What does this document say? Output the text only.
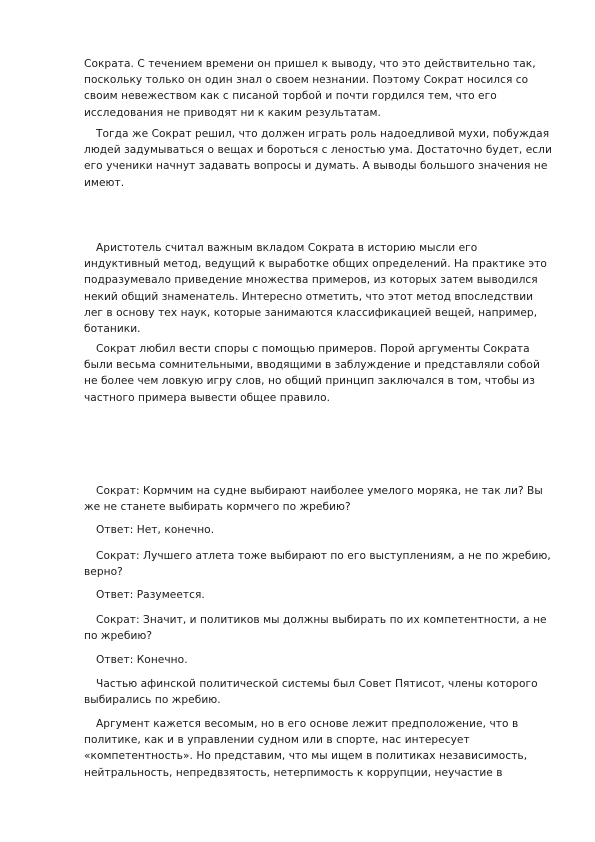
Сократа. С течением времени он пришел к выводу, что это действительно так, поскольку только он один знал о своем незнании. Поэтому Сократ носился со своим невежеством как с писаной торбой и почти гордился тем, что его исследования не приводят ни к каким результатам.

Тогда же Сократ решил, что должен играть роль надоедливой мухи, побуждая людей задумываться о вещах и бороться с леностью ума. Достаточно будет, если его ученики начнут задавать вопросы и думать. А выводы большого значения не имеют.

Аристотель считал важным вкладом Сократа в историю мысли его индуктивный метод, ведущий к выработке общих определений. На практике это подразумевало приведение множества примеров, из которых затем выводился некий общий знаменатель. Интересно отметить, что этот метод впоследствии лег в основу тех наук, которые занимаются классификацией вещей, например, ботаники.

Сократ любил вести споры с помощью примеров. Порой аргументы Сократа были весьма сомнительными, вводящими в заблуждение и представляли собой не более чем ловкую игру слов, но общий принцип заключался в том, чтобы из частного примера вывести общее правило.

Сократ: Кормчим на судне выбирают наиболее умелого моряка, не так ли? Вы же не станете выбирать кормчего по жребию?

Ответ: Нет, конечно.

Сократ: Лучшего атлета тоже выбирают по его выступлениям, а не по жребию, верно?

Ответ: Разумеется.

Сократ: Значит, и политиков мы должны выбирать по их компетентности, а не по жребию?

Ответ: Конечно.

Частью афинской политической системы был Совет Пятисот, члены которого выбирались по жребию.

Аргумент кажется весомым, но в его основе лежит предположение, что в политике, как и в управлении судном или в спорте, нас интересует «компетентность». Но представим, что мы ищем в политиках независимость, нейтральность, непредвзятость, нетерпимость к коррупции, неучастие в
